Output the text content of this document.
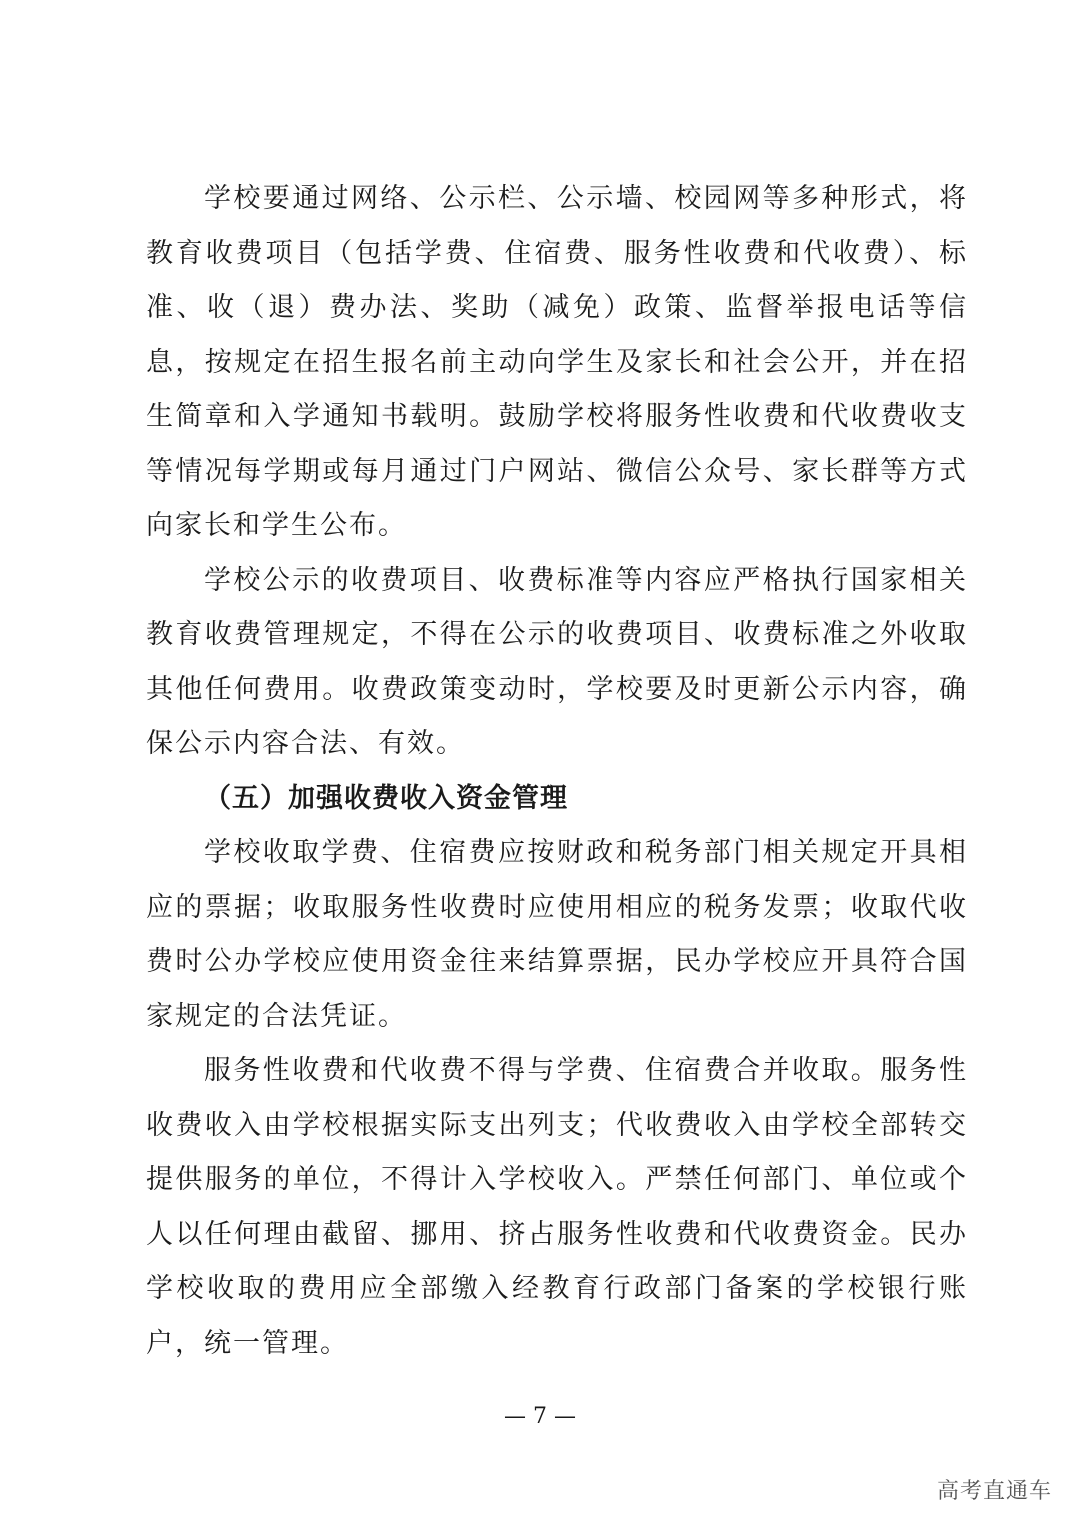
学校要通过网络、公示栏、公示墙、校园网等多种形式，将教育收费项目（包括学费、住宿费、服务性收费和代收费）、标准、收（退）费办法、奖助（减免）政策、监督举报电话等信息，按规定在招生报名前主动向学生及家长和社会公开，并在招生简章和入学通知书载明。鼓励学校将服务性收费和代收费收支等情况每学期或每月通过门户网站、微信公众号、家长群等方式向家长和学生公布。

学校公示的收费项目、收费标准等内容应严格执行国家相关教育收费管理规定，不得在公示的收费项目、收费标准之外收取其他任何费用。收费政策变动时，学校要及时更新公示内容，确保公示内容合法、有效。

（五）加强收费收入资金管理

学校收取学费、住宿费应按财政和税务部门相关规定开具相应的票据；收取服务性收费时应使用相应的税务发票；收取代收费时公办学校应使用资金往来结算票据，民办学校应开具符合国家规定的合法凭证。

服务性收费和代收费不得与学费、住宿费合并收取。服务性收费收入由学校根据实际支出列支；代收费收入由学校全部转交提供服务的单位，不得计入学校收入。严禁任何部门、单位或个人以任何理由截留、挪用、挤占服务性收费和代收费资金。民办学校收取的费用应全部缴入经教育行政部门备案的学校银行账户，统一管理。

— 7 —
高考直通车
